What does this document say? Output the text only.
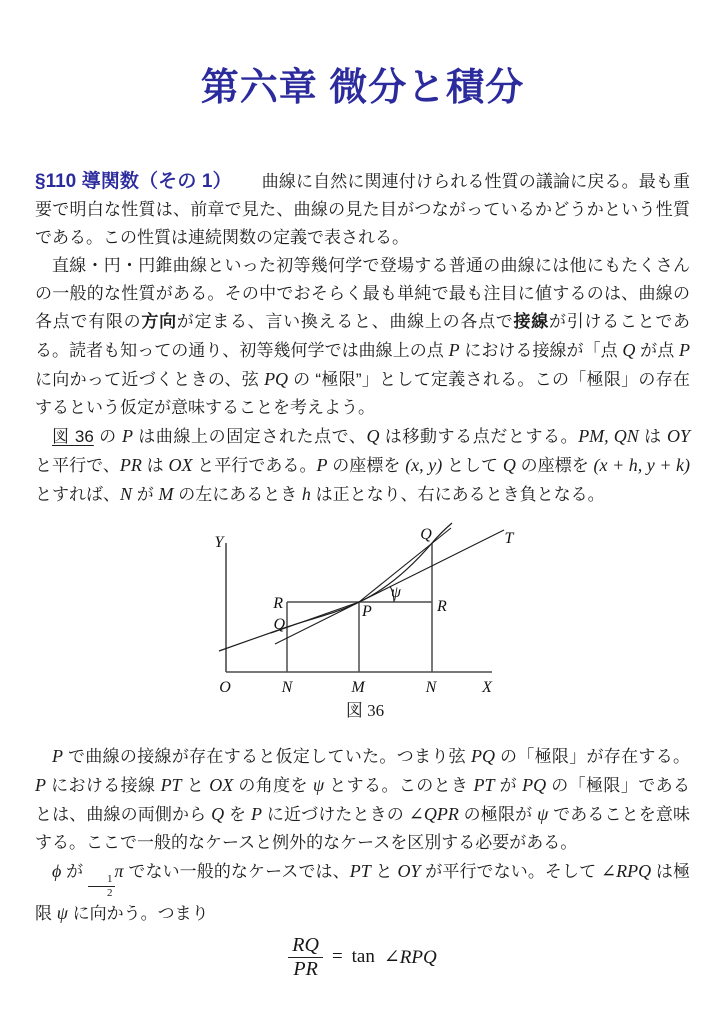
第六章 微分と積分

§110 導関数（その 1） 曲線に自然に関連付けられる性質の議論に戻る。最も重要で明白な性質は、前章で見た、曲線の見た目がつながっているかどうかという性質である。この性質は連続関数の定義で表される。

直線・円・円錐曲線といった初等幾何学で登場する普通の曲線には他にもたくさんの一般的な性質がある。その中でおそらく最も単純で最も注目に値するのは、曲線の各点で有限の方向が定まる、言い換えると、曲線上の各点で接線が引けることである。読者も知っての通り、初等幾何学では曲線上の点 P における接線が「点 Q が点 P に向かって近づくときの、弦 PQ の “極限”」として定義される。この「極限」の存在するという仮定が意味することを考えよう。

図 36 の P は曲線上の固定された点で、Q は移動する点だとする。PM, QN は OY と平行で、PR は OX と平行である。P の座標を (x, y) として Q の座標を (x + h, y + k) とすれば、N が M の左にあるとき h は正となり、右にあるとき負となる。

Y
X
O	N	M	N
Q
R	P
ψ
R
Q	T
図 36

P で曲線の接線が存在すると仮定していた。つまり弦 PQ の「極限」が存在する。P における接線 PT と OX の角度を ψ とする。このとき PT が PQ の「極限」であるとは、曲線の両側から Q を P に近づけたときの ∠QPR の極限が ψ であることを意味する。ここで一般的なケースと例外的なケースを区別する必要がある。

ϕ が
$\frac{1}{2}$
π でない一般的なケースでは、PT と OY が平行でない。そして ∠RPQ は極限 ψ に向かう。つまり

$\frac{RQ}{PR} = \tan$ ∠RPQ
